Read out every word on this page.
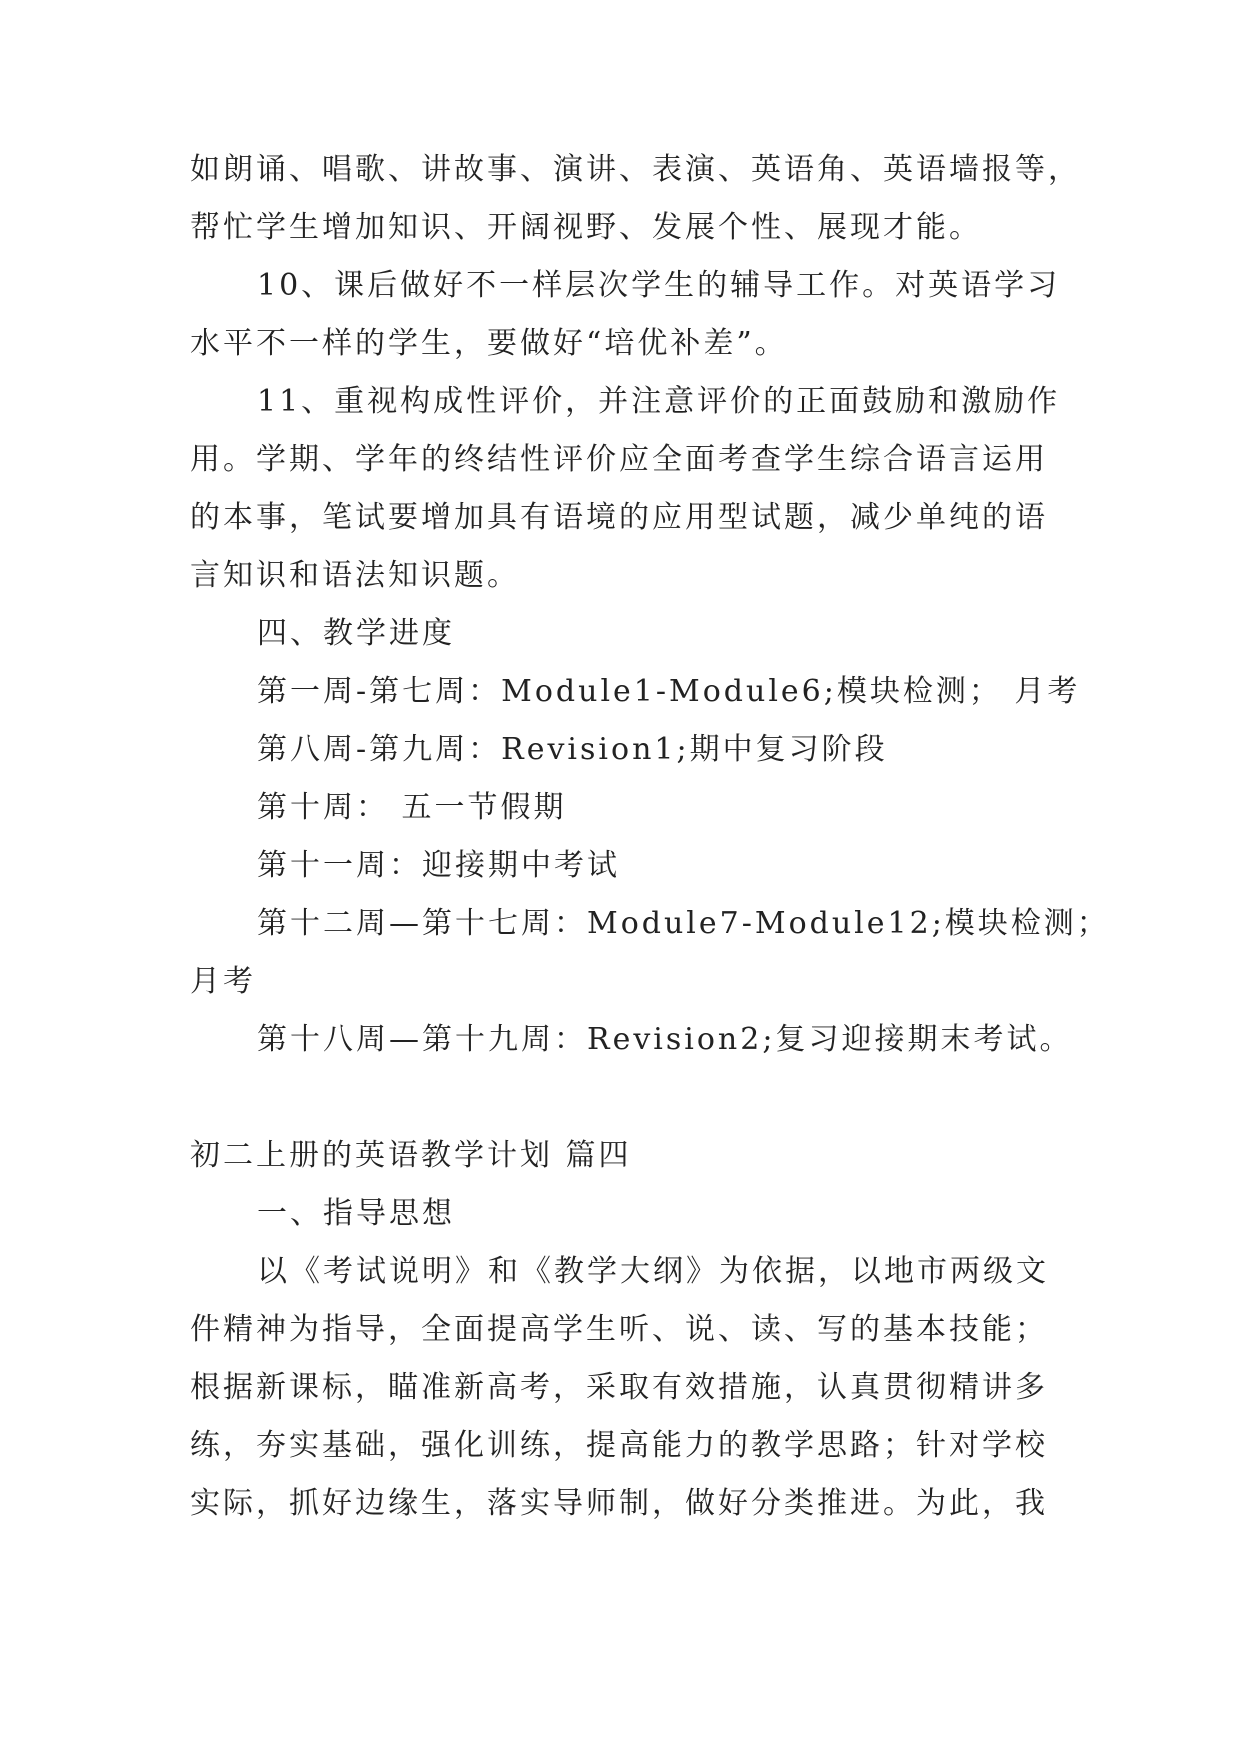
如朗诵、唱歌、讲故事、演讲、表演、英语角、英语墙报等，

帮忙学生增加知识、开阔视野、发展个性、展现才能。

10、课后做好不一样层次学生的辅导工作。对英语学习

水平不一样的学生，要做好“培优补差”。

11、重视构成性评价，并注意评价的正面鼓励和激励作

用。学期、学年的终结性评价应全面考查学生综合语言运用

的本事，笔试要增加具有语境的应用型试题，减少单纯的语

言知识和语法知识题。

四、教学进度

第一周-第七周：Module1-Module6;模块检测； 月考

第八周-第九周：Revision1;期中复习阶段

第十周： 五一节假期

第十一周：迎接期中考试

第十二周—第十七周：Module7-Module12;模块检测；

月考

第十八周—第十九周：Revision2;复习迎接期末考试。

初二上册的英语教学计划 篇四

一、指导思想

以《考试说明》和《教学大纲》为依据，以地市两级文

件精神为指导，全面提高学生听、说、读、写的基本技能；

根据新课标，瞄准新高考，采取有效措施，认真贯彻精讲多

练，夯实基础，强化训练，提高能力的教学思路；针对学校

实际，抓好边缘生，落实导师制，做好分类推进。为此，我
